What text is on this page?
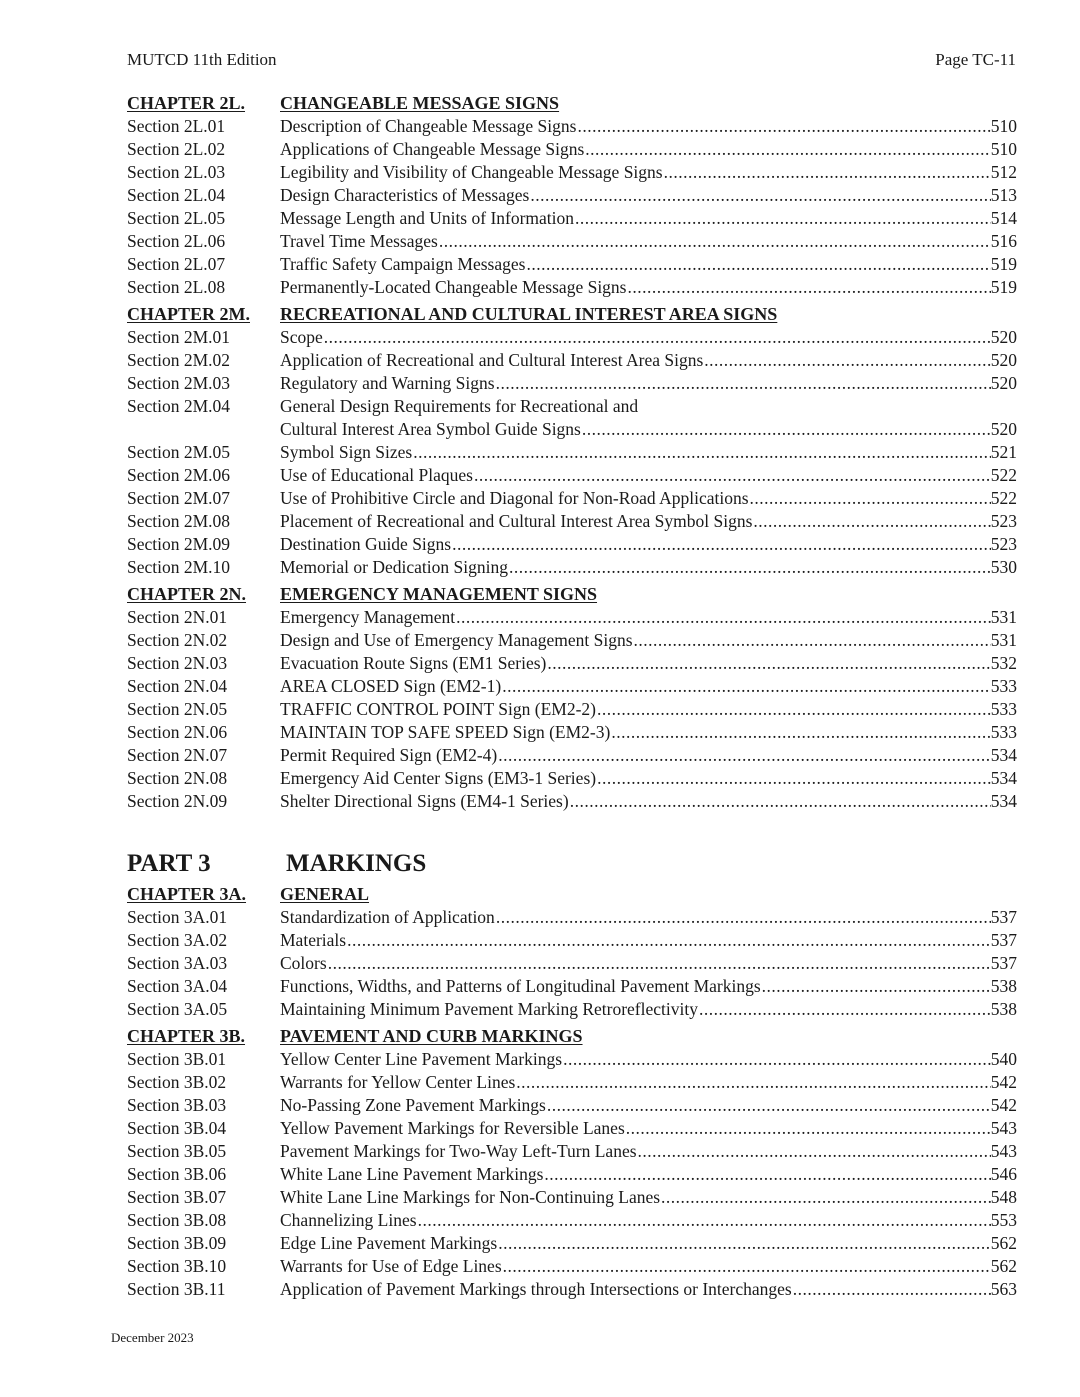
MUTCD 11th Edition	Page TC-11
CHAPTER 2L.	CHANGEABLE MESSAGE SIGNS
Section 2L.01	Description of Changeable Message Signs .....	510
Section 2L.02	Applications of Changeable Message Signs .....	510
Section 2L.03	Legibility and Visibility of Changeable Message Signs .....	512
Section 2L.04	Design Characteristics of Messages .....	513
Section 2L.05	Message Length and Units of Information .....	514
Section 2L.06	Travel Time Messages .....	516
Section 2L.07	Traffic Safety Campaign Messages .....	519
Section 2L.08	Permanently-Located Changeable Message Signs .....	519
CHAPTER 2M.	RECREATIONAL AND CULTURAL INTEREST AREA SIGNS
Section 2M.01	Scope .....	520
Section 2M.02	Application of Recreational and Cultural Interest Area Signs .....	520
Section 2M.03	Regulatory and Warning Signs .....	520
Section 2M.04	General Design Requirements for Recreational and
Cultural Interest Area Symbol Guide Signs .....	520
Section 2M.05	Symbol Sign Sizes .....	521
Section 2M.06	Use of Educational Plaques .....	522
Section 2M.07	Use of Prohibitive Circle and Diagonal for Non-Road Applications .....	522
Section 2M.08	Placement of Recreational and Cultural Interest Area Symbol Signs .....	523
Section 2M.09	Destination Guide Signs .....	523
Section 2M.10	Memorial or Dedication Signing .....	530
CHAPTER 2N.	EMERGENCY MANAGEMENT SIGNS
Section 2N.01	Emergency Management .....	531
Section 2N.02	Design and Use of Emergency Management Signs .....	531
Section 2N.03	Evacuation Route Signs (EM1 Series) .....	532
Section 2N.04	AREA CLOSED Sign (EM2-1) .....	533
Section 2N.05	TRAFFIC CONTROL POINT Sign (EM2-2) .....	533
Section 2N.06	MAINTAIN TOP SAFE SPEED Sign (EM2-3) .....	533
Section 2N.07	Permit Required Sign (EM2-4) .....	534
Section 2N.08	Emergency Aid Center Signs (EM3-1 Series) .....	534
Section 2N.09	Shelter Directional Signs (EM4-1 Series) .....	534
PART 3	MARKINGS
CHAPTER 3A.	GENERAL
Section 3A.01	Standardization of Application .....	537
Section 3A.02	Materials .....	537
Section 3A.03	Colors .....	537
Section 3A.04	Functions, Widths, and Patterns of Longitudinal Pavement Markings .....	538
Section 3A.05	Maintaining Minimum Pavement Marking Retroreflectivity .....	538
CHAPTER 3B.	PAVEMENT AND CURB MARKINGS
Section 3B.01	Yellow Center Line Pavement Markings .....	540
Section 3B.02	Warrants for Yellow Center Lines .....	542
Section 3B.03	No-Passing Zone Pavement Markings .....	542
Section 3B.04	Yellow Pavement Markings for Reversible Lanes .....	543
Section 3B.05	Pavement Markings for Two-Way Left-Turn Lanes .....	543
Section 3B.06	White Lane Line Pavement Markings .....	546
Section 3B.07	White Lane Line Markings for Non-Continuing Lanes .....	548
Section 3B.08	Channelizing Lines .....	553
Section 3B.09	Edge Line Pavement Markings .....	562
Section 3B.10	Warrants for Use of Edge Lines .....	562
Section 3B.11	Application of Pavement Markings through Intersections or Interchanges .....	563
December 2023
